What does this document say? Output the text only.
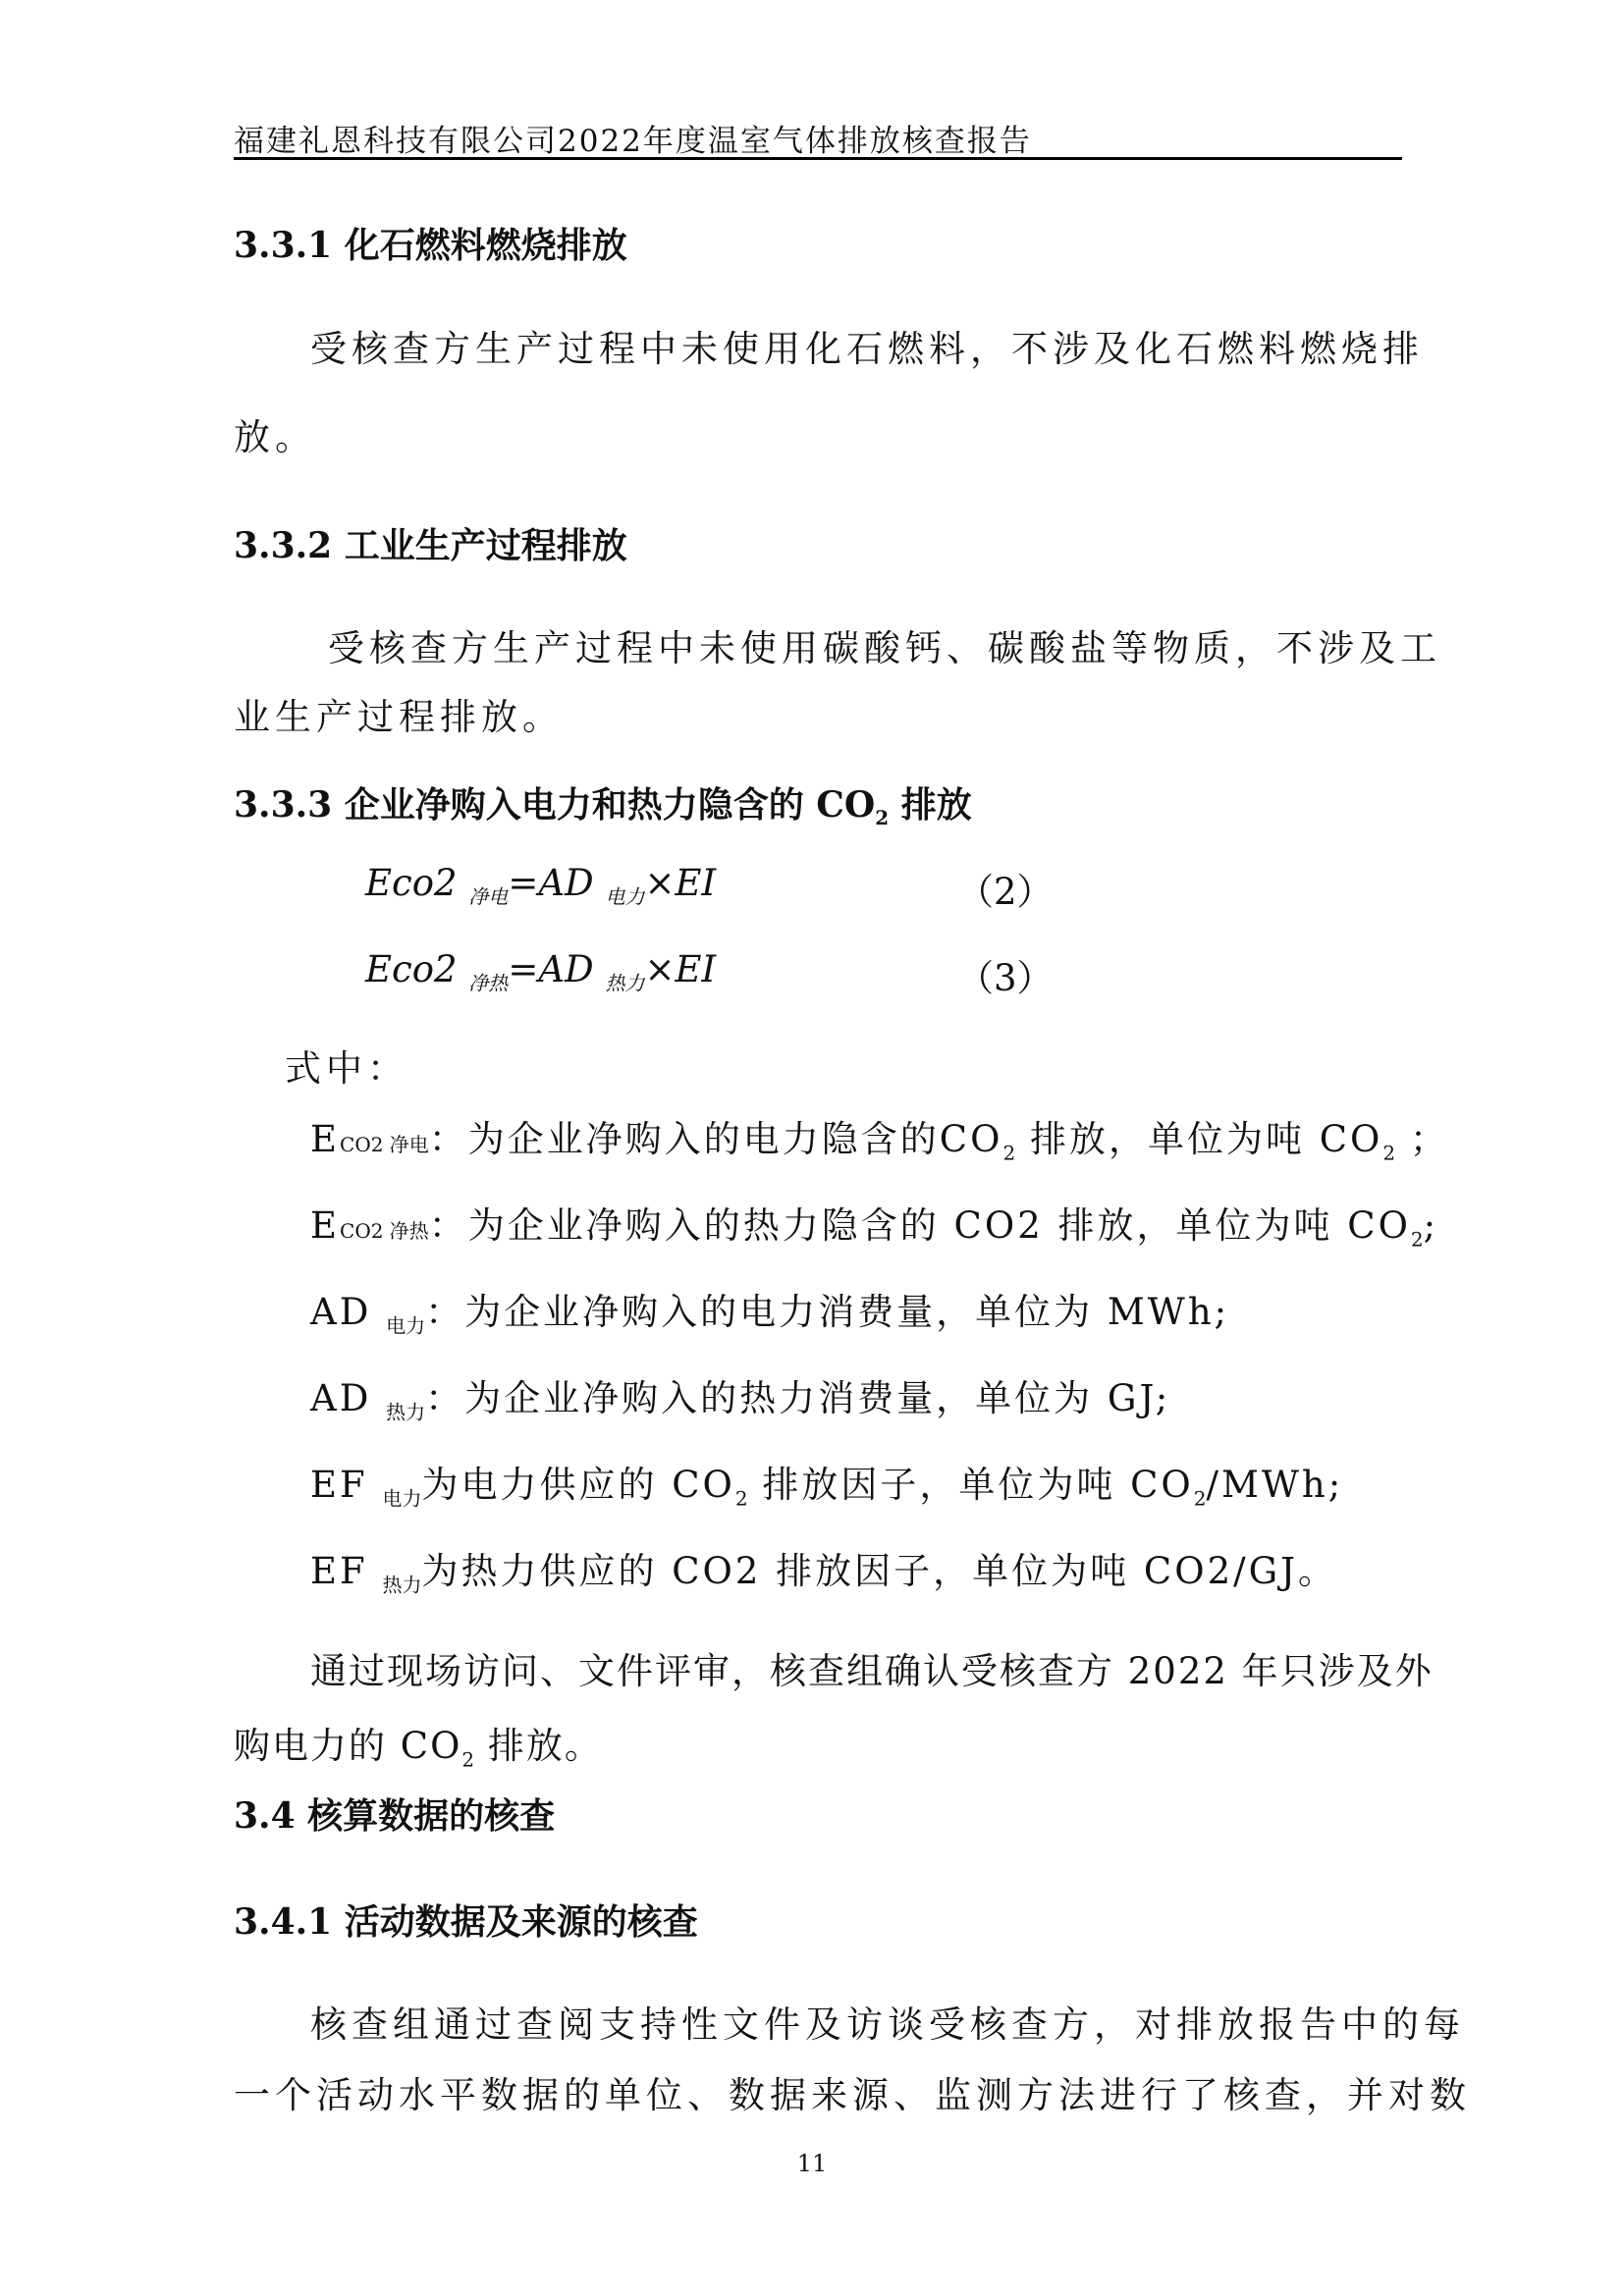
福建礼恩科技有限公司2022年度温室气体排放核查报告
3.3.1 化石燃料燃烧排放
受核查方生产过程中未使用化石燃料，不涉及化石燃料燃烧排
放。
3.3.2 工业生产过程排放
受核查方生产过程中未使用碳酸钙、碳酸盐等物质，不涉及工
业生产过程排放。
3.3.3 企业净购入电力和热力隐含的 $CO_2$ 排放
Eco2 $_{净电}$=AD $_{电力}$×EI	（2）
Eco2 $_{净热}$=AD $_{热力}$×EI	（3）
式中：
ECO2 净电：为企业净购入的电力隐含的$CO_2$ 排放，单位为吨 $CO_2$ ；
ECO2 净热：为企业净购入的热力隐含的 CO2 排放，单位为吨 $CO_2$;
AD $_{电力}$：为企业净购入的电力消费量，单位为 MWh;
AD $_{热力}$：为企业净购入的热力消费量，单位为 GJ;
EF $_{电力}$为电力供应的 $CO_2$ 排放因子，单位为吨 $CO_2$/MWh;
EF $_{热力}$为热力供应的 CO2 排放因子，单位为吨 CO2/GJ。
通过现场访问、文件评审，核查组确认受核查方 2022 年只涉及外
购电力的 $CO_2$ 排放。
3.4 核算数据的核查
3.4.1 活动数据及来源的核查
核查组通过查阅支持性文件及访谈受核查方，对排放报告中的每
一个活动水平数据的单位、数据来源、监测方法进行了核查，并对数
11
